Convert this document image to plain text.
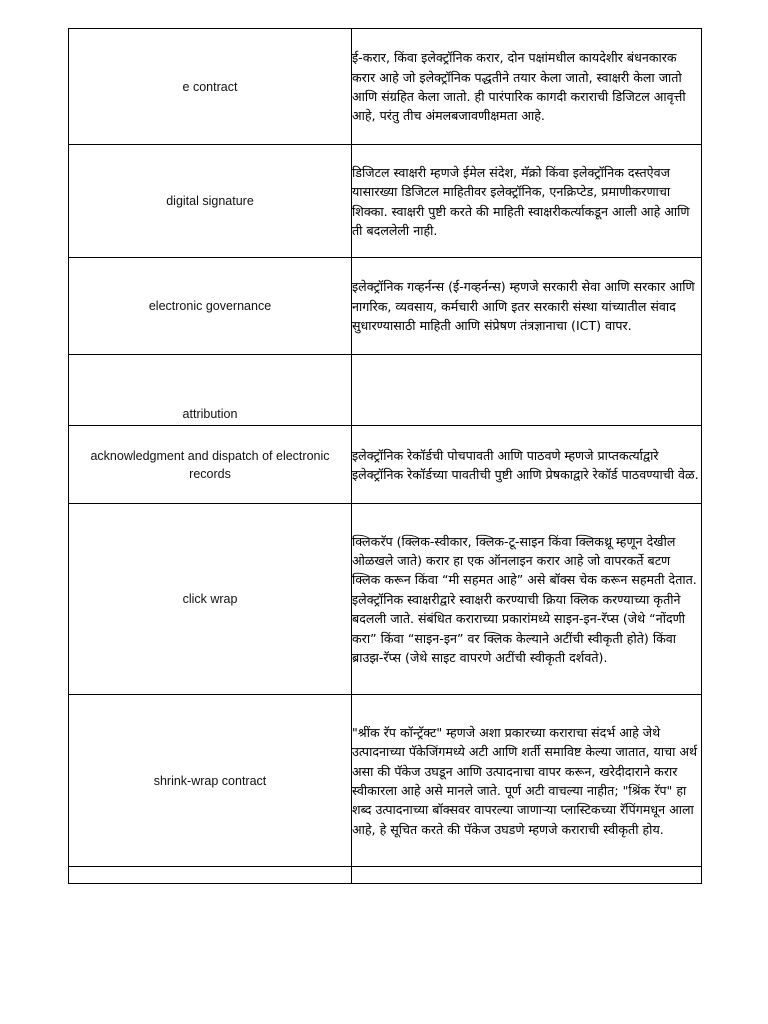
e contract	ई-करार, किंवा इलेक्ट्रॉनिक करार, दोन पक्षांमधील कायदेशीर बंधनकारक करार आहे जो इलेक्ट्रॉनिक पद्धतीने तयार केला जातो, स्वाक्षरी केला जातो आणि संग्रहित केला जातो. ही पारंपारिक कागदी कराराची डिजिटल आवृत्ती आहे, परंतु तीच अंमलबजावणीक्षमता आहे.

digital signature	डिजिटल स्वाक्षरी म्हणजे ईमेल संदेश, मॅक्रो किंवा इलेक्ट्रॉनिक दस्तऐवज यासारख्या डिजिटल माहितीवर इलेक्ट्रॉनिक, एनक्रिप्टेड, प्रमाणीकरणाचा शिक्का. स्वाक्षरी पुष्टी करते की माहिती स्वाक्षरीकर्त्याकडून आली आहे आणि ती बदललेली नाही.

electronic governance	इलेक्ट्रॉनिक गव्हर्नन्स (ई-गव्हर्नन्स) म्हणजे सरकारी सेवा आणि सरकार आणि नागरिक, व्यवसाय, कर्मचारी आणि इतर सरकारी संस्था यांच्यातील संवाद सुधारण्यासाठी माहिती आणि संप्रेषण तंत्रज्ञानाचा (ICT) वापर.

attribution	

acknowledgment and dispatch of electronic records	इलेक्ट्रॉनिक रेकॉर्डची पोचपावती आणि पाठवणे म्हणजे प्राप्तकर्त्याद्वारे इलेक्ट्रॉनिक रेकॉर्डच्या पावतीची पुष्टी आणि प्रेषकाद्वारे रेकॉर्ड पाठवण्याची वेळ.

click wrap	क्लिकरॅप (क्लिक-स्वीकार, क्लिक-टू-साइन किंवा क्लिकथ्रू म्हणून देखील ओळखले जाते) करार हा एक ऑनलाइन करार आहे जो वापरकर्ते बटण क्लिक करून किंवा “मी सहमत आहे” असे बॉक्स चेक करून सहमती देतात. इलेक्ट्रॉनिक स्वाक्षरीद्वारे स्वाक्षरी करण्याची क्रिया क्लिक करण्याच्या कृतीने बदलली जाते. संबंधित कराराच्या प्रकारांमध्ये साइन-इन-रॅप्स (जेथे “नोंदणी करा” किंवा “साइन-इन” वर क्लिक केल्याने अटींची स्वीकृती होते) किंवा ब्राउझ-रॅप्स (जेथे साइट वापरणे अटींची स्वीकृती दर्शवते).

shrink-wrap contract	"श्रींक रॅप कॉन्ट्रॅक्ट" म्हणजे अशा प्रकारच्या कराराचा संदर्भ आहे जेथे उत्पादनाच्या पॅकेजिंगमध्ये अटी आणि शर्ती समाविष्ट केल्या जातात, याचा अर्थ असा की पॅकेज उघडून आणि उत्पादनाचा वापर करून, खरेदीदाराने करार स्वीकारला आहे असे मानले जाते. पूर्ण अटी वाचल्या नाहीत; "श्रिंक रॅप" हा शब्द उत्पादनाच्या बॉक्सवर वापरल्या जाणाऱ्या प्लास्टिकच्या रॅपिंगमधून आला आहे, हे सूचित करते की पॅकेज उघडणे म्हणजे कराराची स्वीकृती होय.
